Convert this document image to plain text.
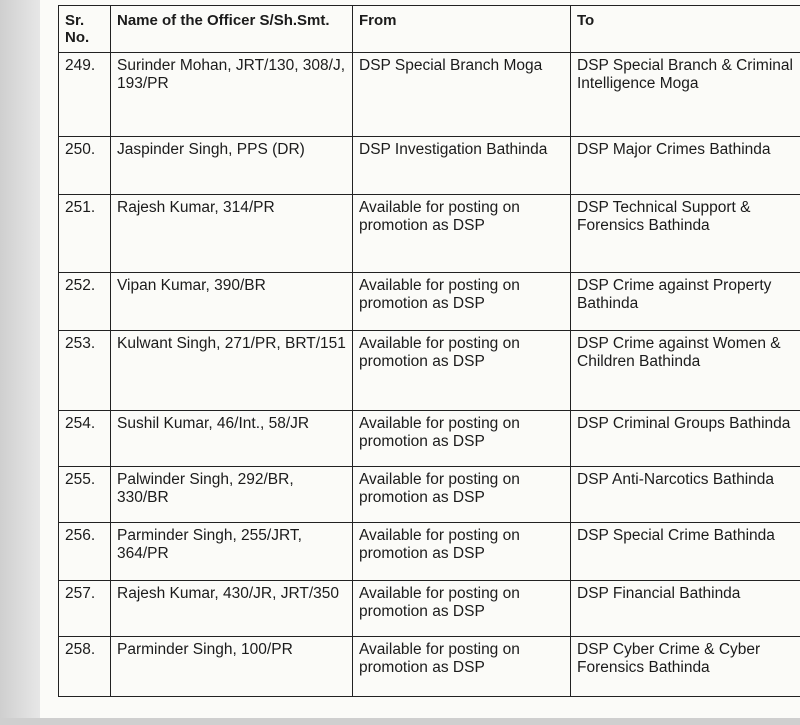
Sr. No.	Name of the Officer S/Sh.Smt.	From	To
249.	Surinder Mohan, JRT/130, 308/J, 193/PR	DSP Special Branch Moga	DSP Special Branch & Criminal Intelligence Moga
250.	Jaspinder Singh, PPS (DR)	DSP Investigation Bathinda	DSP Major Crimes Bathinda
251.	Rajesh Kumar, 314/PR	Available for posting on promotion as DSP	DSP Technical Support & Forensics Bathinda
252.	Vipan Kumar, 390/BR	Available for posting on promotion as DSP	DSP Crime against Property Bathinda
253.	Kulwant Singh, 271/PR, BRT/151	Available for posting on promotion as DSP	DSP Crime against Women & Children Bathinda
254.	Sushil Kumar, 46/Int., 58/JR	Available for posting on promotion as DSP	DSP Criminal Groups Bathinda
255.	Palwinder Singh, 292/BR, 330/BR	Available for posting on promotion as DSP	DSP Anti-Narcotics Bathinda
256.	Parminder Singh, 255/JRT, 364/PR	Available for posting on promotion as DSP	DSP Special Crime Bathinda
257.	Rajesh Kumar, 430/JR, JRT/350	Available for posting on promotion as DSP	DSP Financial Bathinda
258.	Parminder Singh, 100/PR	Available for posting on promotion as DSP	DSP Cyber Crime & Cyber Forensics Bathinda
